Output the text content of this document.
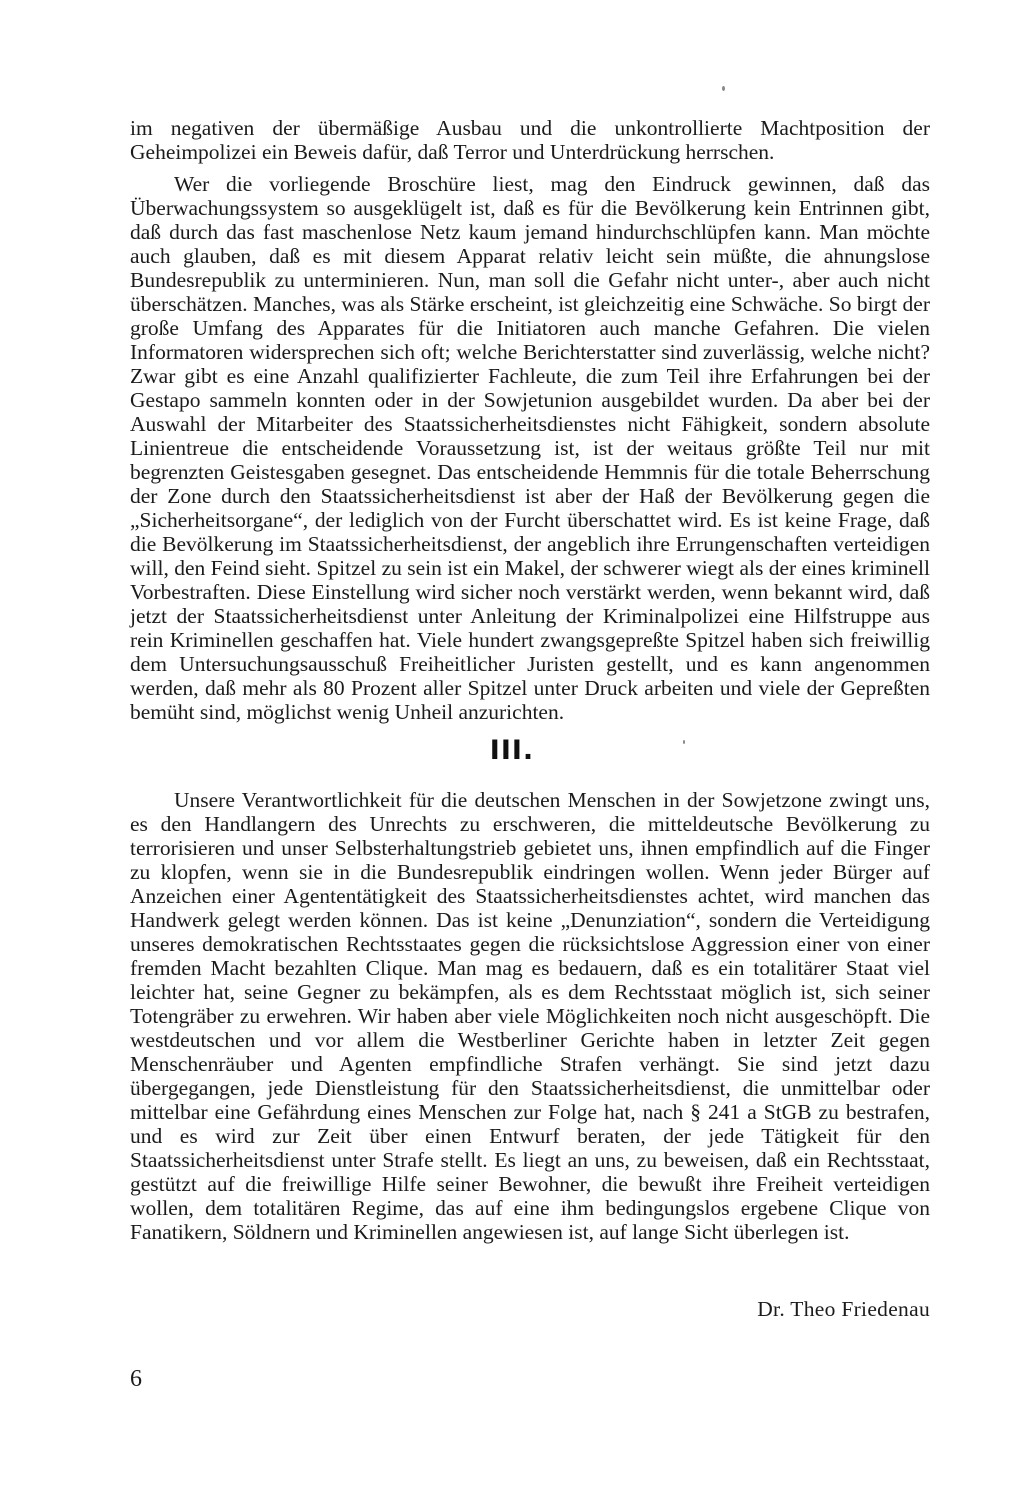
im negativen der übermäßige Ausbau und die unkontrollierte Machtposition der Geheimpolizei ein Beweis dafür, daß Terror und Unterdrückung herrschen.

Wer die vorliegende Broschüre liest, mag den Eindruck gewinnen, daß das Überwachungssystem so ausgeklügelt ist, daß es für die Bevölkerung kein Entrinnen gibt, daß durch das fast maschenlose Netz kaum jemand hindurchschlüpfen kann. Man möchte auch glauben, daß es mit diesem Apparat relativ leicht sein müßte, die ahnungslose Bundesrepublik zu unterminieren. Nun, man soll die Gefahr nicht unter-, aber auch nicht überschätzen. Manches, was als Stärke erscheint, ist gleichzeitig eine Schwäche. So birgt der große Umfang des Apparates für die Initiatoren auch manche Gefahren. Die vielen Informatoren widersprechen sich oft; welche Berichterstatter sind zuverlässig, welche nicht? Zwar gibt es eine Anzahl qualifizierter Fachleute, die zum Teil ihre Erfahrungen bei der Gestapo sammeln konnten oder in der Sowjetunion ausgebildet wurden. Da aber bei der Auswahl der Mitarbeiter des Staatssicherheitsdienstes nicht Fähigkeit, sondern absolute Linientreue die entscheidende Voraussetzung ist, ist der weitaus größte Teil nur mit begrenzten Geistesgaben gesegnet. Das entscheidende Hemmnis für die totale Beherrschung der Zone durch den Staatssicherheitsdienst ist aber der Haß der Bevölkerung gegen die „Sicherheitsorgane“, der lediglich von der Furcht überschattet wird. Es ist keine Frage, daß die Bevölkerung im Staatssicherheitsdienst, der angeblich ihre Errungenschaften verteidigen will, den Feind sieht. Spitzel zu sein ist ein Makel, der schwerer wiegt als der eines kriminell Vorbestraften. Diese Einstellung wird sicher noch verstärkt werden, wenn bekannt wird, daß jetzt der Staatssicherheitsdienst unter Anleitung der Kriminalpolizei eine Hilfstruppe aus rein Kriminellen geschaffen hat. Viele hundert zwangsgepreßte Spitzel haben sich freiwillig dem Untersuchungsausschuß Freiheitlicher Juristen gestellt, und es kann angenommen werden, daß mehr als 80 Prozent aller Spitzel unter Druck arbeiten und viele der Gepreßten bemüht sind, möglichst wenig Unheil anzurichten.

III.

Unsere Verantwortlichkeit für die deutschen Menschen in der Sowjetzone zwingt uns, es den Handlangern des Unrechts zu erschweren, die mitteldeutsche Bevölkerung zu terrorisieren und unser Selbsterhaltungstrieb gebietet uns, ihnen empfindlich auf die Finger zu klopfen, wenn sie in die Bundesrepublik eindringen wollen. Wenn jeder Bürger auf Anzeichen einer Agententätigkeit des Staatssicherheitsdienstes achtet, wird manchen das Handwerk gelegt werden können. Das ist keine „Denunziation“, sondern die Verteidigung unseres demokratischen Rechtsstaates gegen die rücksichtslose Aggression einer von einer fremden Macht bezahlten Clique. Man mag es bedauern, daß es ein totalitärer Staat viel leichter hat, seine Gegner zu bekämpfen, als es dem Rechtsstaat möglich ist, sich seiner Totengräber zu erwehren. Wir haben aber viele Möglichkeiten noch nicht ausgeschöpft. Die westdeutschen und vor allem die Westberliner Gerichte haben in letzter Zeit gegen Menschenräuber und Agenten empfindliche Strafen verhängt. Sie sind jetzt dazu übergegangen, jede Dienstleistung für den Staatssicherheitsdienst, die unmittelbar oder mittelbar eine Gefährdung eines Menschen zur Folge hat, nach § 241 a StGB zu bestrafen, und es wird zur Zeit über einen Entwurf beraten, der jede Tätigkeit für den Staatssicherheitsdienst unter Strafe stellt. Es liegt an uns, zu beweisen, daß ein Rechtsstaat, gestützt auf die freiwillige Hilfe seiner Bewohner, die bewußt ihre Freiheit verteidigen wollen, dem totalitären Regime, das auf eine ihm bedingungslos ergebene Clique von Fanatikern, Söldnern und Kriminellen angewiesen ist, auf lange Sicht überlegen ist.

Dr. Theo Friedenau
6
